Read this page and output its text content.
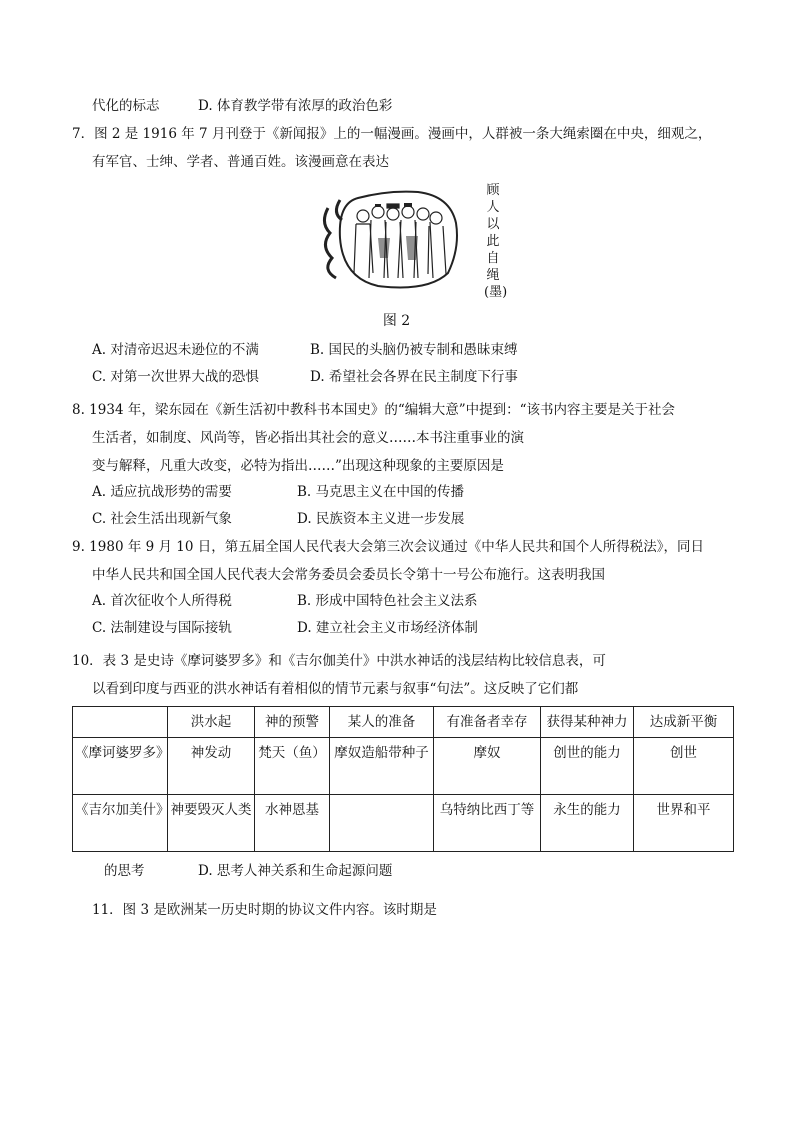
代化的标志	D. 体育教学带有浓厚的政治色彩
7．图 2 是 1916 年 7 月刊登于《新闻报》上的一幅漫画。漫画中，人群被一条大绳索圈在中央，细观之，
有军官、士绅、学者、普通百姓。该漫画意在表达
顾人以此自绳 (墨)
图 2
A. 对清帝迟迟未逊位的不满	B. 国民的头脑仍被专制和愚昧束缚
C. 对第一次世界大战的恐惧	D. 希望社会各界在民主制度下行事
8. 1934 年，梁东园在《新生活初中教科书本国史》的“编辑大意”中提到：“该书内容主要是关于社会
生活者，如制度、风尚等，皆必指出其社会的意义……本书注重事业的演
变与解释，凡重大改变，必特为指出……”出现这种现象的主要原因是
A. 适应抗战形势的需要	B. 马克思主义在中国的传播
C. 社会生活出现新气象	D. 民族资本主义进一步发展
9. 1980 年 9 月 10 日，第五届全国人民代表大会第三次会议通过《中华人民共和国个人所得税法》，同日
中华人民共和国全国人民代表大会常务委员会委员长令第十一号公布施行。这表明我国
A. 首次征收个人所得税	B. 形成中国特色社会主义法系
C. 法制建设与国际接轨	D. 建立社会主义市场经济体制
10．表 3 是史诗《摩诃婆罗多》和《吉尔伽美什》中洪水神话的浅层结构比较信息表，可
以看到印度与西亚的洪水神话有着相似的情节元素与叙事“句法”。这反映了它们都
	洪水起	神的预警	某人的准备	有准备者幸存	获得某种神力	达成新平衡
《摩诃婆罗多》	神发动	梵天（鱼）	摩奴造船带种子	摩奴	创世的能力	创世
《吉尔加美什》	神要毁灭人类	水神恩基		乌特纳比西丁等	永生的能力	世界和平
的思考	D. 思考人神关系和生命起源问题
11．图 3 是欧洲某一历史时期的协议文件内容。该时期是
